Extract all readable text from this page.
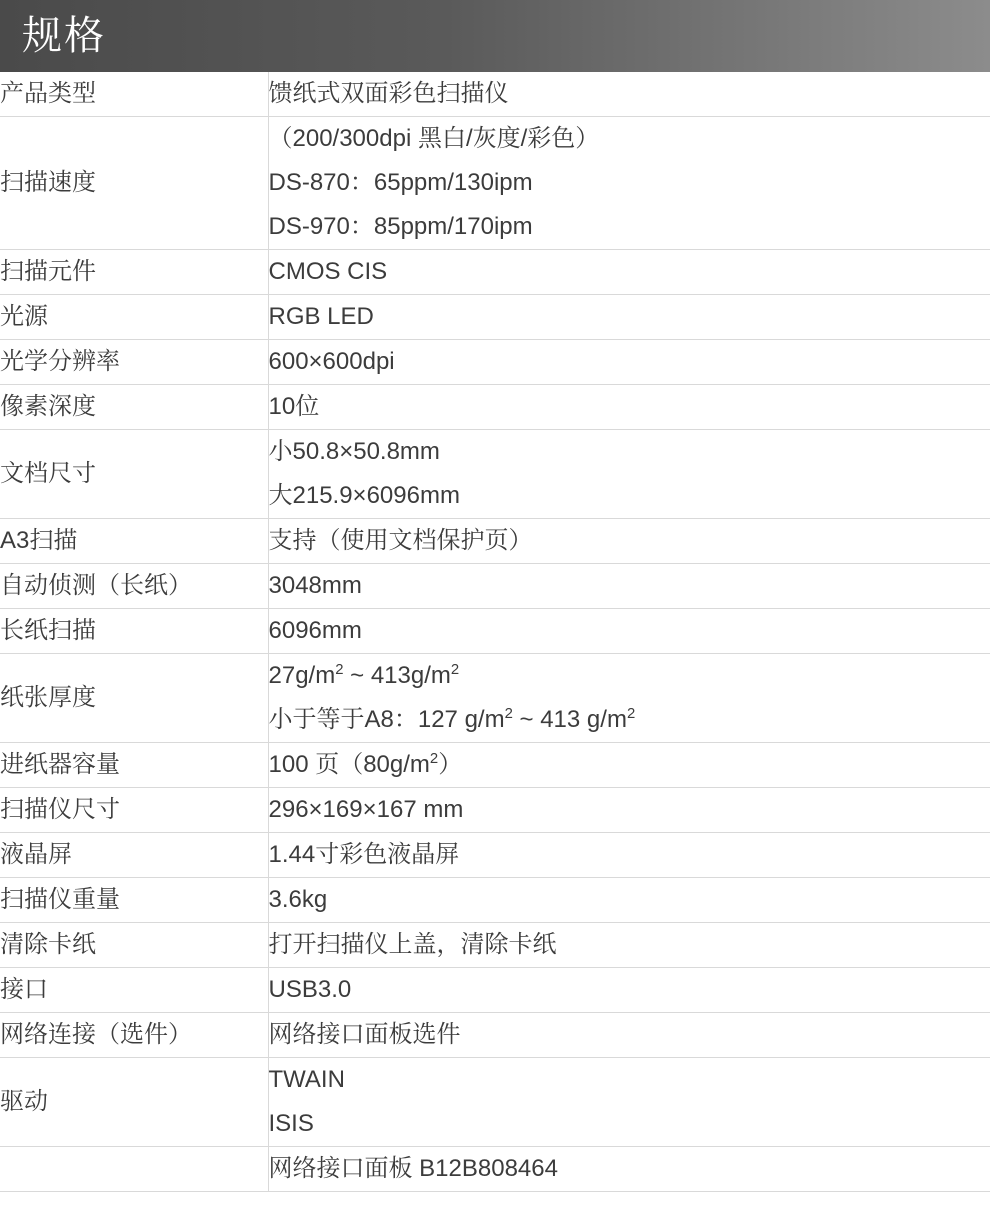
规格
产品类型	馈纸式双面彩色扫描仪

扫描速度	（200/300dpi 黑白/灰度/彩色）
DS-870：65ppm/130ipm
DS-970：85ppm/170ipm

扫描元件	CMOS CIS

光源	RGB LED

光学分辨率	600×600dpi

像素深度	10位

文档尺寸	小50.8×50.8mm
大215.9×6096mm

A3扫描	支持（使用文档保护页）

自动侦测（长纸）	3048mm

长纸扫描	6096mm

纸张厚度	$27g/m^2$ ~ $413g/m^2$
小于等于A8：127 $g/m^2$ ~ 413 $g/m^2$

进纸器容量	100 页$(80g/m^2)$

扫描仪尺寸	296×169×167 mm

液晶屏	1.44寸彩色液晶屏

扫描仪重量	3.6kg

清除卡纸	打开扫描仪上盖，清除卡纸

接口	USB3.0

网络连接（选件）	网络接口面板选件

驱动	TWAIN
ISIS

	网络接口面板 B12B808464
